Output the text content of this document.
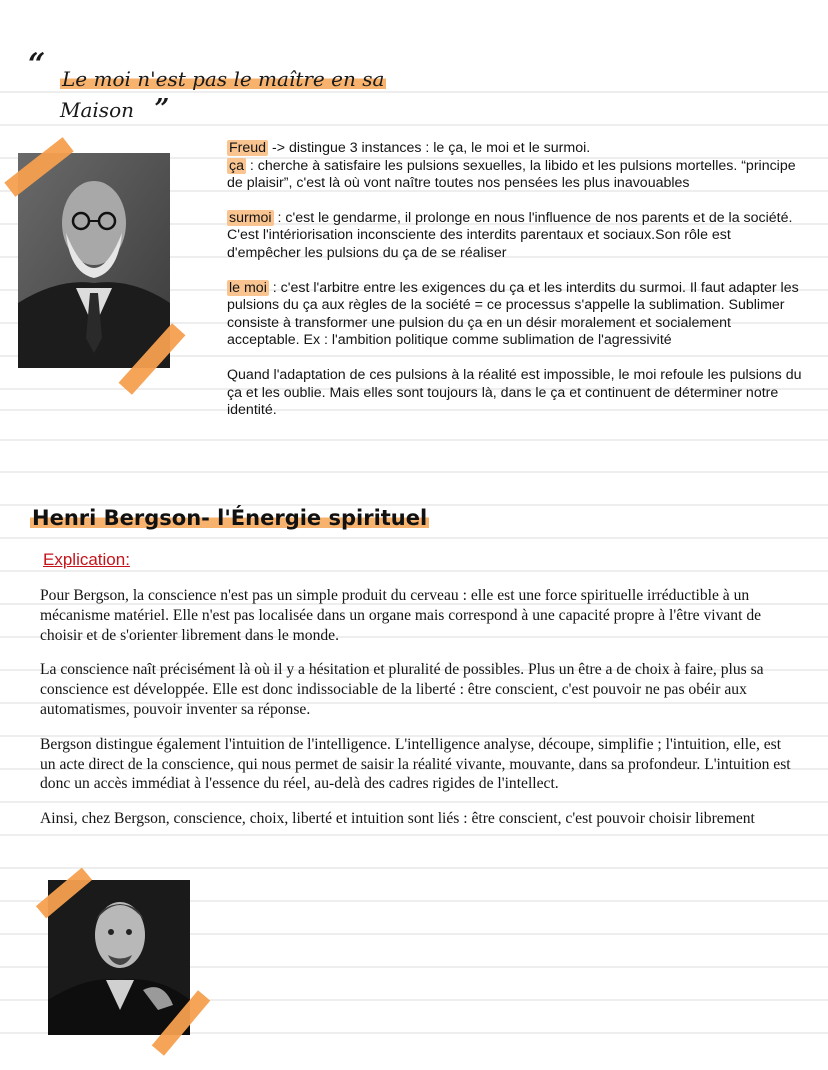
“ Le moi n'est pas le maître en sa
Maison ”

Freud -> distingue 3 instances : le ça, le moi et le surmoi.
ça : cherche à satisfaire les pulsions sexuelles, la libido et les pulsions mortelles. “principe de plaisir”, c'est là où vont naître toutes nos pensées les plus inavouables

surmoi : c'est le gendarme, il prolonge en nous l'influence de nos parents et de la société. C'est l'intériorisation inconsciente des interdits parentaux et sociaux.Son rôle est d'empêcher les pulsions du ça de se réaliser

le moi : c'est l'arbitre entre les exigences du ça et les interdits du surmoi. Il faut adapter les pulsions du ça aux règles de la société = ce processus s'appelle la sublimation. Sublimer consiste à transformer une pulsion du ça en un désir moralement et socialement acceptable. Ex : l'ambition politique comme sublimation de l'agressivité

Quand l'adaptation de ces pulsions à la réalité est impossible, le moi refoule les pulsions du ça et les oublie. Mais elles sont toujours là, dans le ça et continuent de déterminer notre identité.

Henri Bergson- l'Énergie spirituel
Explication:

Pour Bergson, la conscience n'est pas un simple produit du cerveau : elle est une force spirituelle irréductible à un mécanisme matériel. Elle n'est pas localisée dans un organe mais correspond à une capacité propre à l'être vivant de choisir et de s'orienter librement dans le monde.

La conscience naît précisément là où il y a hésitation et pluralité de possibles. Plus un être a de choix à faire, plus sa conscience est développée. Elle est donc indissociable de la liberté : être conscient, c'est pouvoir ne pas obéir aux automatismes, pouvoir inventer sa réponse.

Bergson distingue également l'intuition de l'intelligence. L'intelligence analyse, découpe, simplifie ; l'intuition, elle, est un acte direct de la conscience, qui nous permet de saisir la réalité vivante, mouvante, dans sa profondeur. L'intuition est donc un accès immédiat à l'essence du réel, au-delà des cadres rigides de l'intellect.

Ainsi, chez Bergson, conscience, choix, liberté et intuition sont liés : être conscient, c'est pouvoir choisir librement
